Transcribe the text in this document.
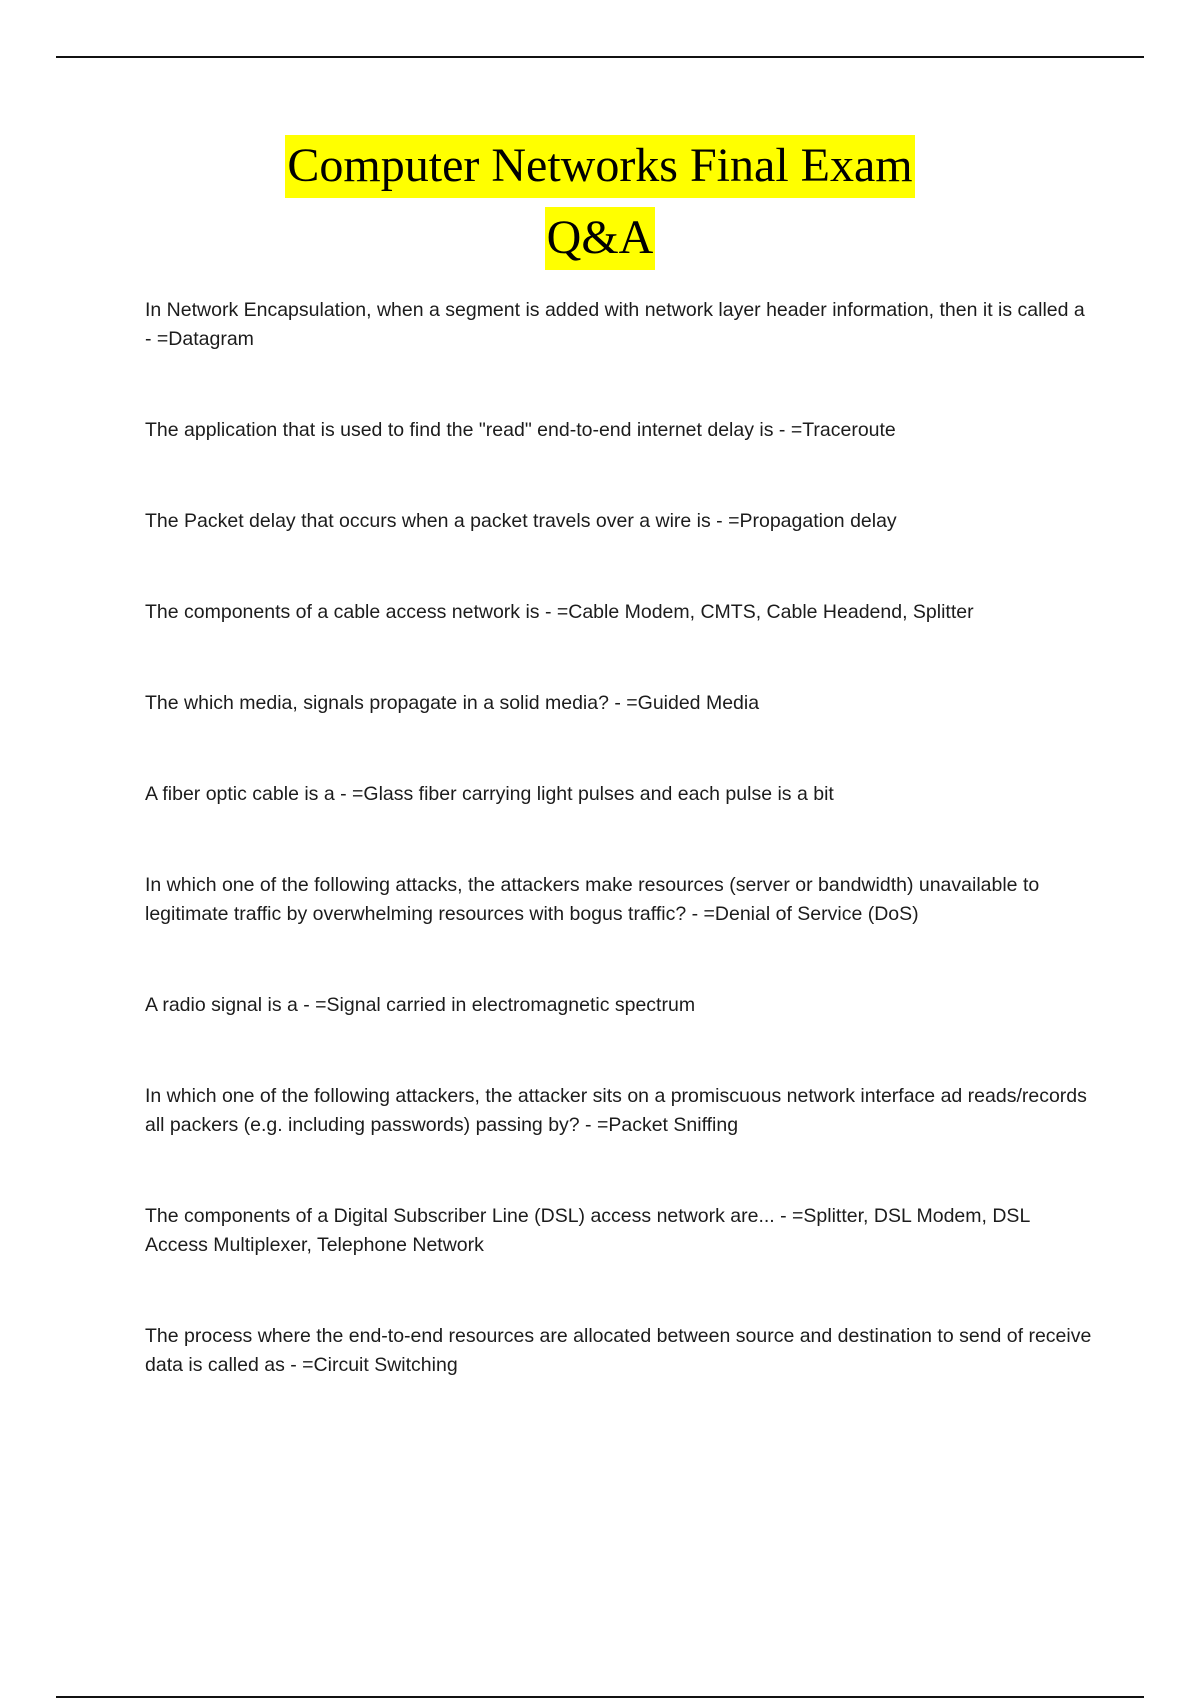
Computer Networks Final Exam
Q&A

In Network Encapsulation, when a segment is added with network layer header information, then it is called a - =Datagram

The application that is used to find the "read" end-to-end internet delay is - =Traceroute

The Packet delay that occurs when a packet travels over a wire is - =Propagation delay

The components of a cable access network is - =Cable Modem, CMTS, Cable Headend, Splitter

The which media, signals propagate in a solid media? - =Guided Media

A fiber optic cable is a - =Glass fiber carrying light pulses and each pulse is a bit

In which one of the following attacks, the attackers make resources (server or bandwidth) unavailable to legitimate traffic by overwhelming resources with bogus traffic? - =Denial of Service (DoS)

A radio signal is a - =Signal carried in electromagnetic spectrum

In which one of the following attackers, the attacker sits on a promiscuous network interface ad reads/records all packers (e.g. including passwords) passing by? - =Packet Sniffing

The components of a Digital Subscriber Line (DSL) access network are... - =Splitter, DSL Modem, DSL Access Multiplexer, Telephone Network

The process where the end-to-end resources are allocated between source and destination to send of receive data is called as - =Circuit Switching
